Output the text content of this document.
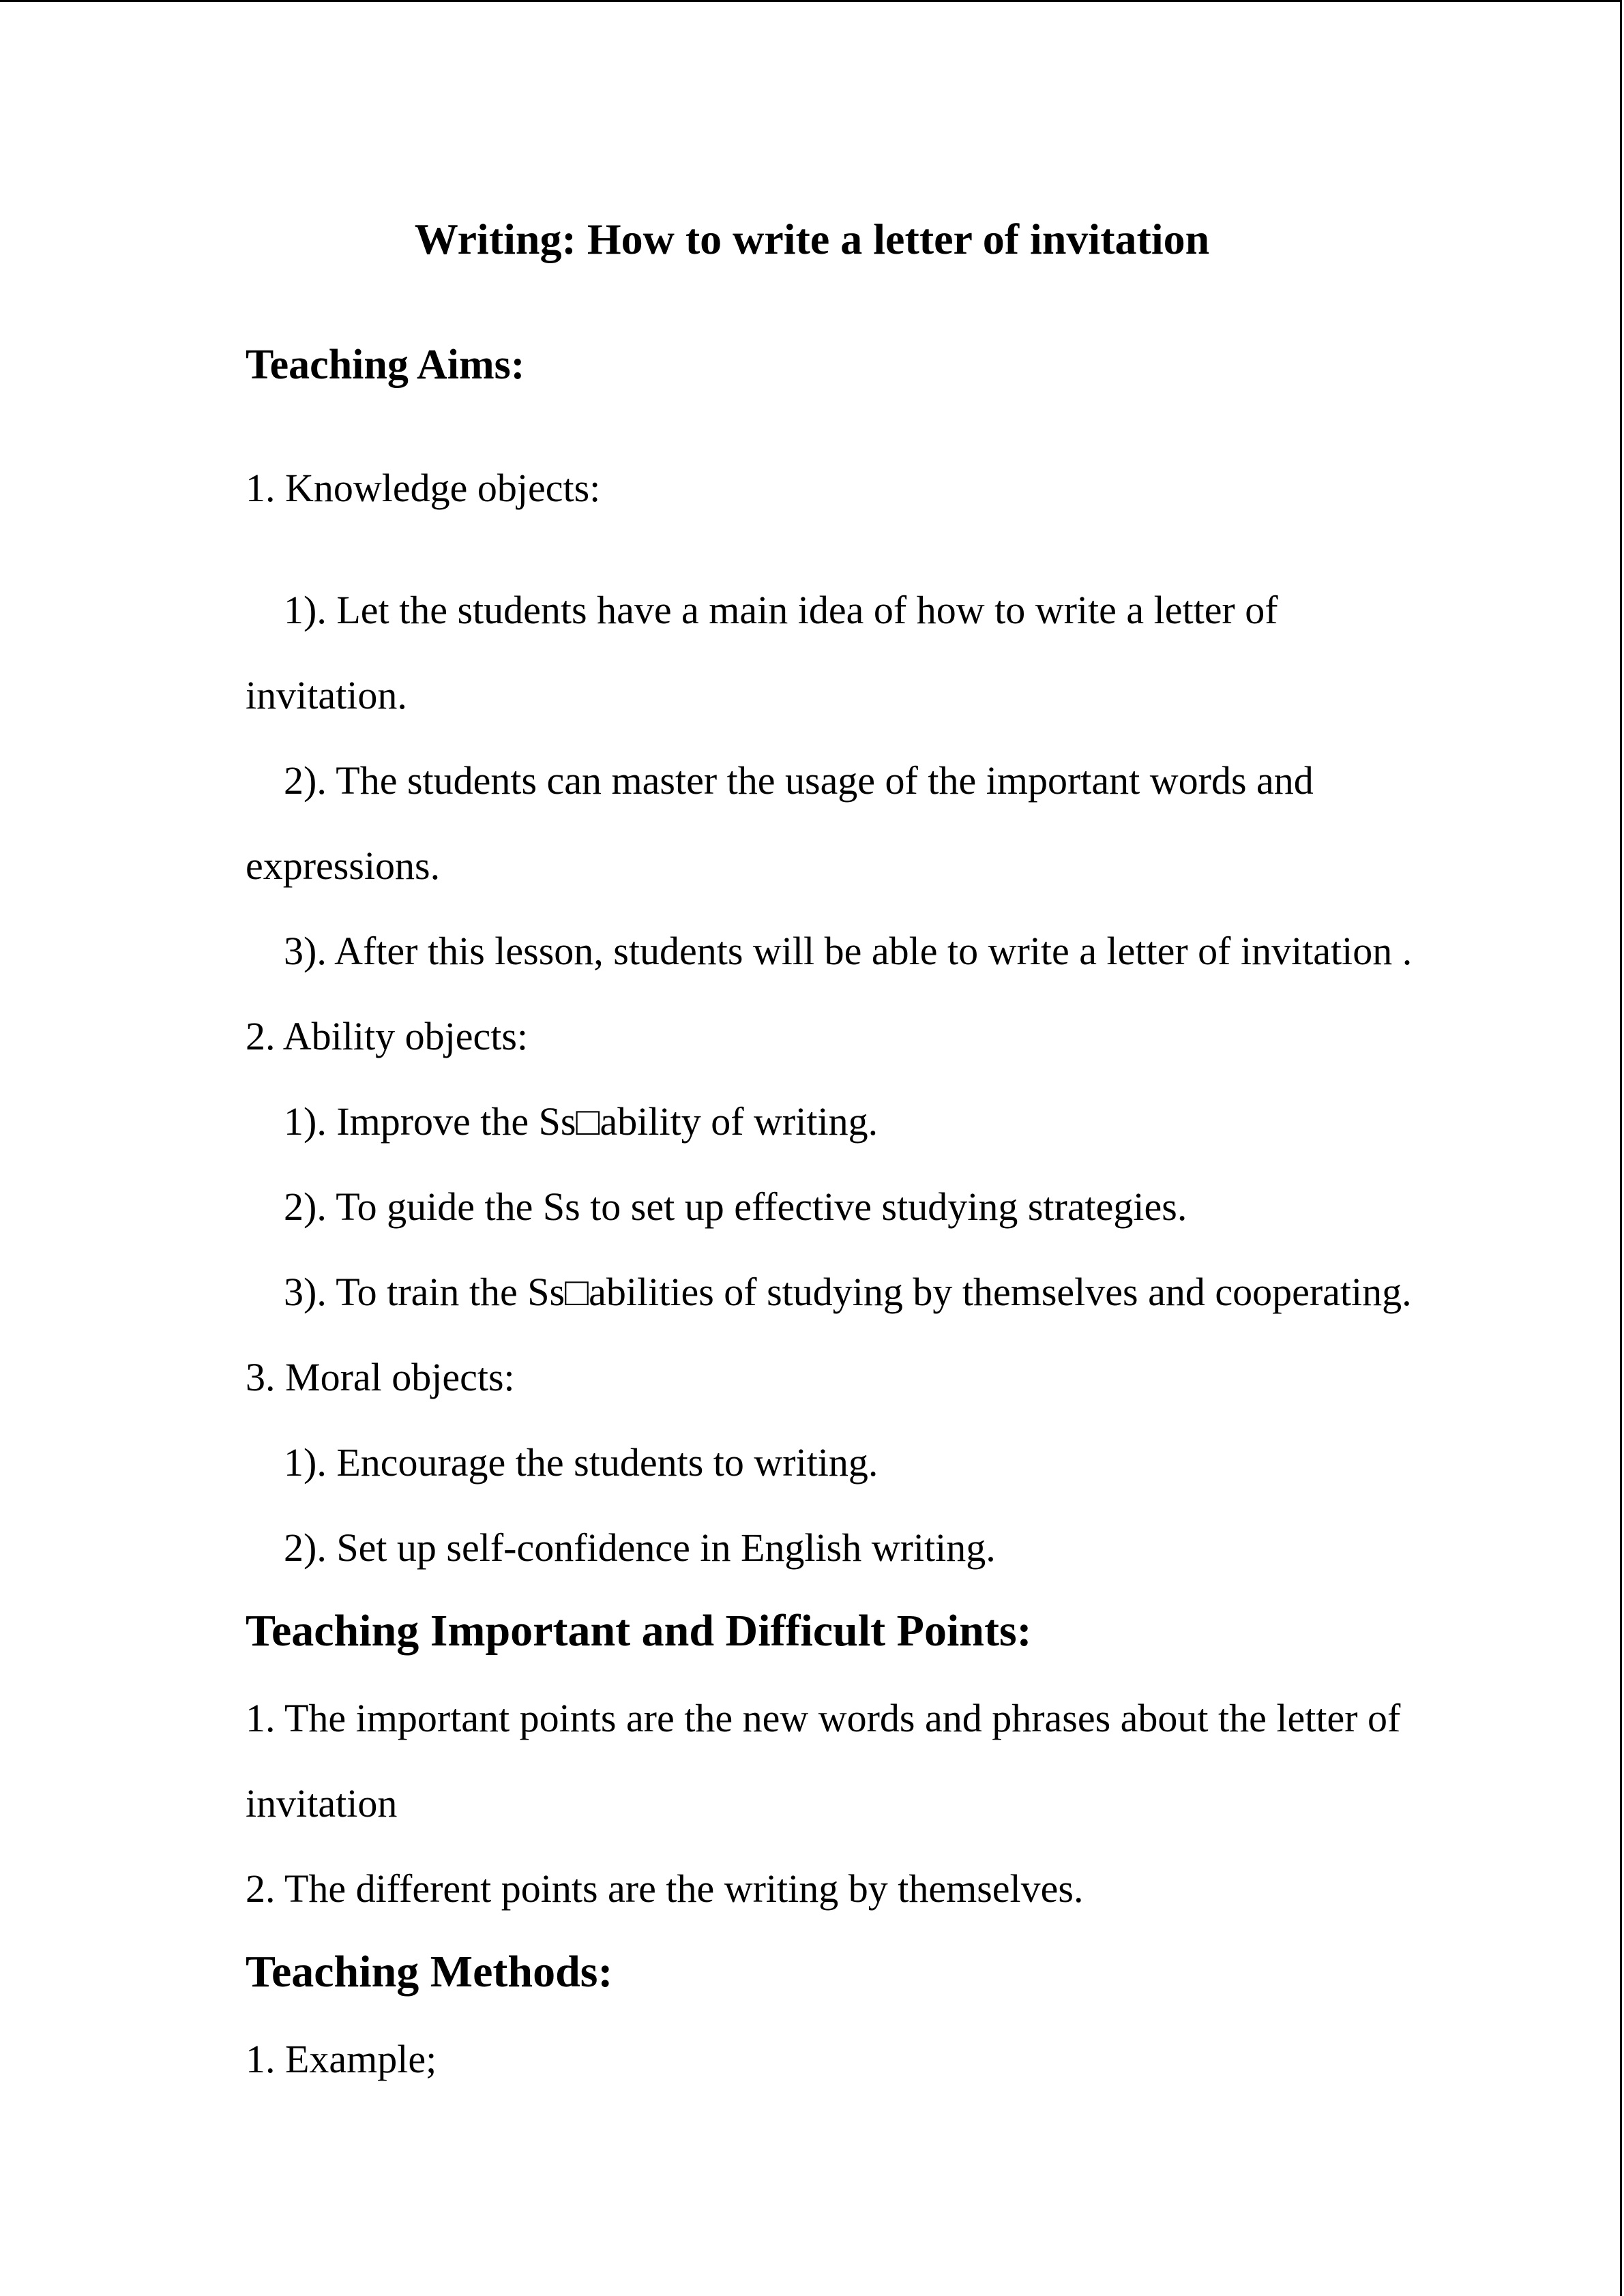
Writing: How to write a letter of invitation
Teaching Aims:
1. Knowledge objects:
1). Let the students have a main idea of how to write a letter of
invitation.
2). The students can master the usage of the important words and
expressions.
3). After this lesson, students will be able to write a letter of invitation .
2. Ability objects:
1). Improve the Ss□ability of writing.
2). To guide the Ss to set up effective studying strategies.
3). To train the Ss□abilities of studying by themselves and cooperating.
3. Moral objects:
1). Encourage the students to writing.
2). Set up self-confidence in English writing.
Teaching Important and Difficult Points:
1. The important points are the new words and phrases about the letter of
invitation
2. The different points are the writing by themselves.
Teaching Methods:
1. Example;
